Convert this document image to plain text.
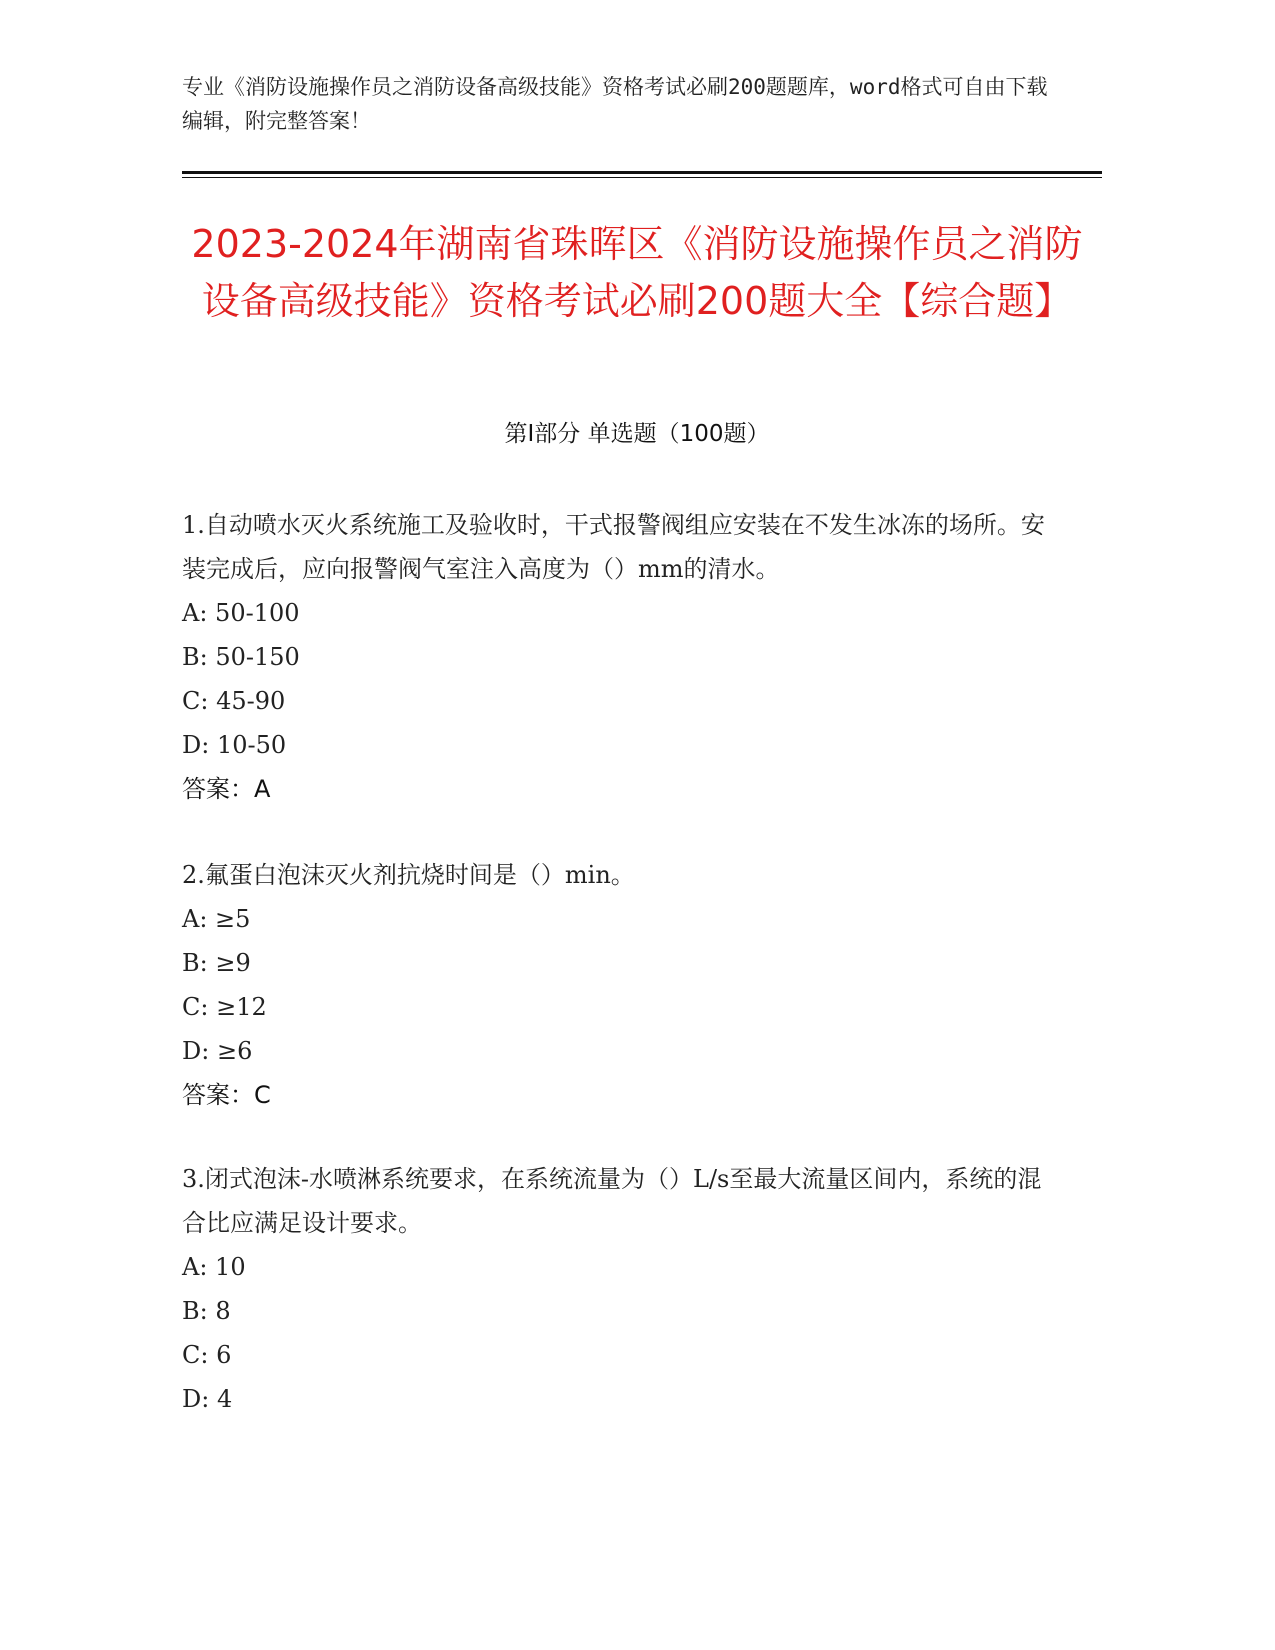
专业《消防设施操作员之消防设备高级技能》资格考试必刷200题题库，word格式可自由下载编辑，附完整答案！
2023-2024年湖南省珠晖区《消防设施操作员之消防设备高级技能》资格考试必刷200题大全【综合题】
第Ⅰ部分 单选题（100题）

1.自动喷水灭火系统施工及验收时，干式报警阀组应安装在不发生冰冻的场所。安装完成后，应向报警阀气室注入高度为（）mm的清水。

A: 50-100

B: 50-150

C: 45-90

D: 10-50

答案：A

2.氟蛋白泡沫灭火剂抗烧时间是（）min。

A: ≥5

B: ≥9

C: ≥12

D: ≥6

答案：C

3.闭式泡沫-水喷淋系统要求，在系统流量为（）L/s至最大流量区间内，系统的混合比应满足设计要求。

A: 10

B: 8

C: 6

D: 4
